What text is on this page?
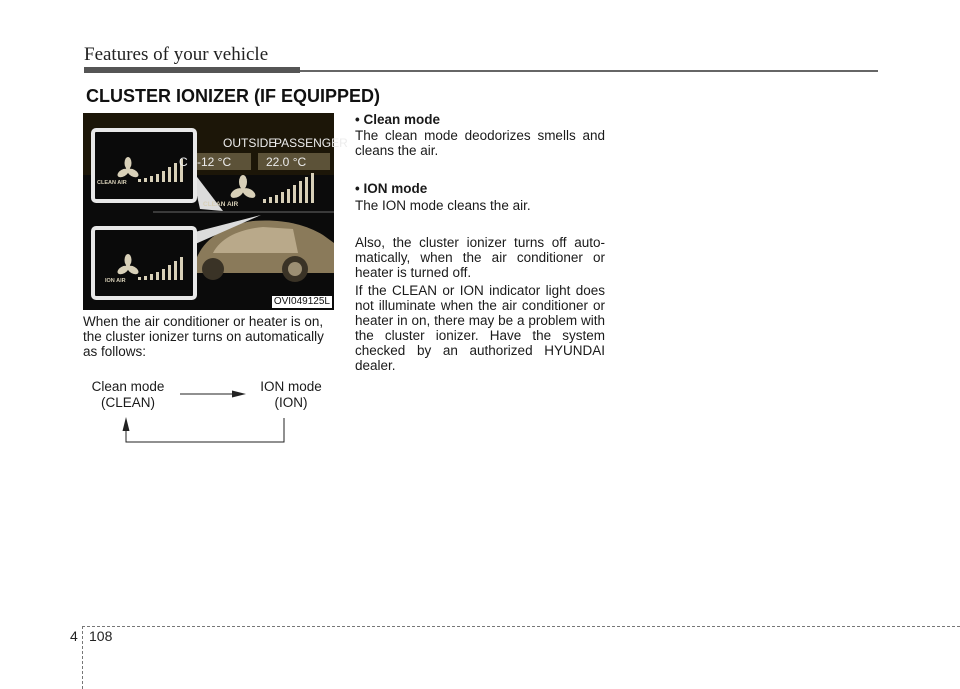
Features of your vehicle
CLUSTER IONIZER (IF EQUIPPED)
OUTSIDE
PASSENGER
C -12 °C	22.0 °C
CLEAN AIR
CLEAN AIR
ION AIR
OVI049125L
When the air conditioner or heater is on, the cluster ionizer turns on automatically as follows:
Clean mode
(CLEAN)
ION mode
(ION)
• Clean mode
The clean mode deodorizes smells and cleans the air.
• ION mode
The ION mode cleans the air.
Also, the cluster ionizer turns off auto-matically, when the air conditioner or heater is turned off.
If the CLEAN or ION indicator light does not illuminate when the air conditioner or heater in on, there may be a problem with the cluster ionizer. Have the system checked by an authorized HYUNDAI dealer.
4 108
